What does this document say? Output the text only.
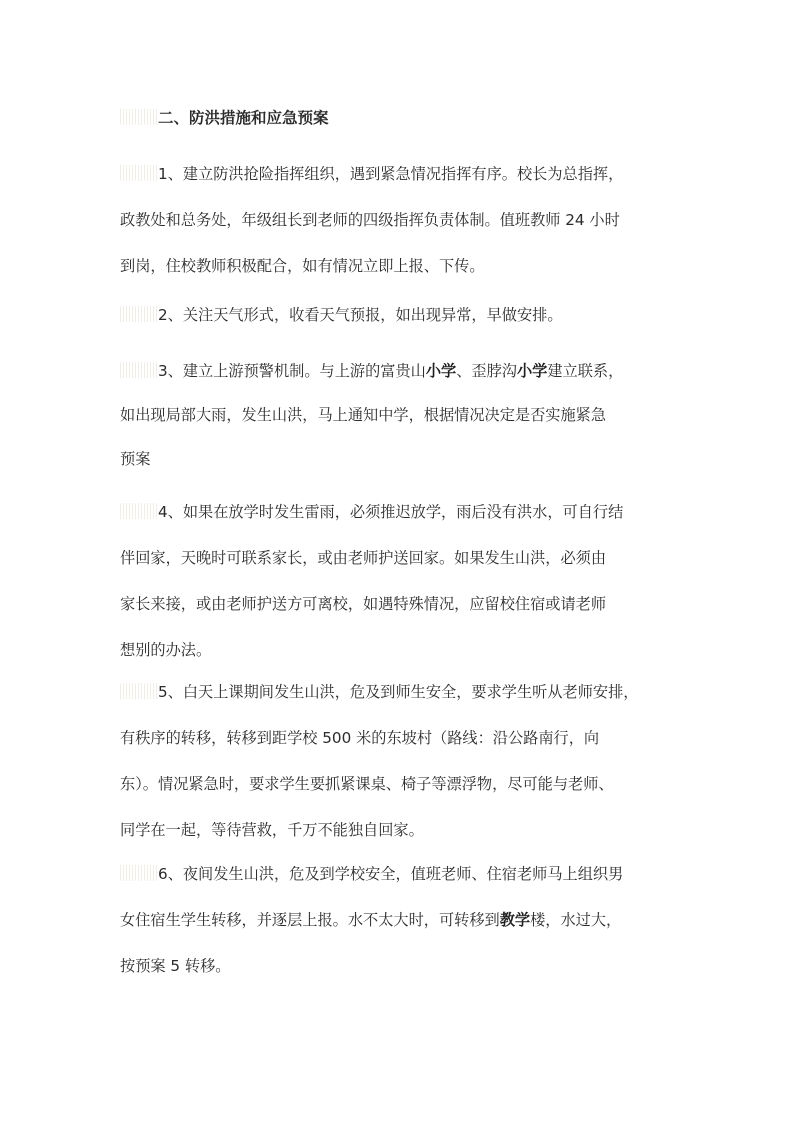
二、防洪措施和应急预案
1、建立防洪抢险指挥组织，遇到紧急情况指挥有序。校长为总指挥，
政教处和总务处，年级组长到老师的四级指挥负责体制。值班教师 24 小时
到岗，住校教师积极配合，如有情况立即上报、下传。
2、关注天气形式，收看天气预报，如出现异常，早做安排。
3、建立上游预警机制。与上游的富贵山小学、歪脖沟小学建立联系，
如出现局部大雨，发生山洪，马上通知中学，根据情况决定是否实施紧急
预案
4、如果在放学时发生雷雨，必须推迟放学，雨后没有洪水，可自行结
伴回家，天晚时可联系家长，或由老师护送回家。如果发生山洪，必须由
家长来接，或由老师护送方可离校，如遇特殊情况，应留校住宿或请老师
想别的办法。
5、白天上课期间发生山洪，危及到师生安全，要求学生听从老师安排，
有秩序的转移，转移到距学校 500 米的东坡村（路线：沿公路南行，向
东）。情况紧急时，要求学生要抓紧课桌、椅子等漂浮物，尽可能与老师、
同学在一起，等待营救，千万不能独自回家。
6、夜间发生山洪，危及到学校安全，值班老师、住宿老师马上组织男
女住宿生学生转移，并逐层上报。水不太大时，可转移到教学楼，水过大，
按预案 5 转移。
